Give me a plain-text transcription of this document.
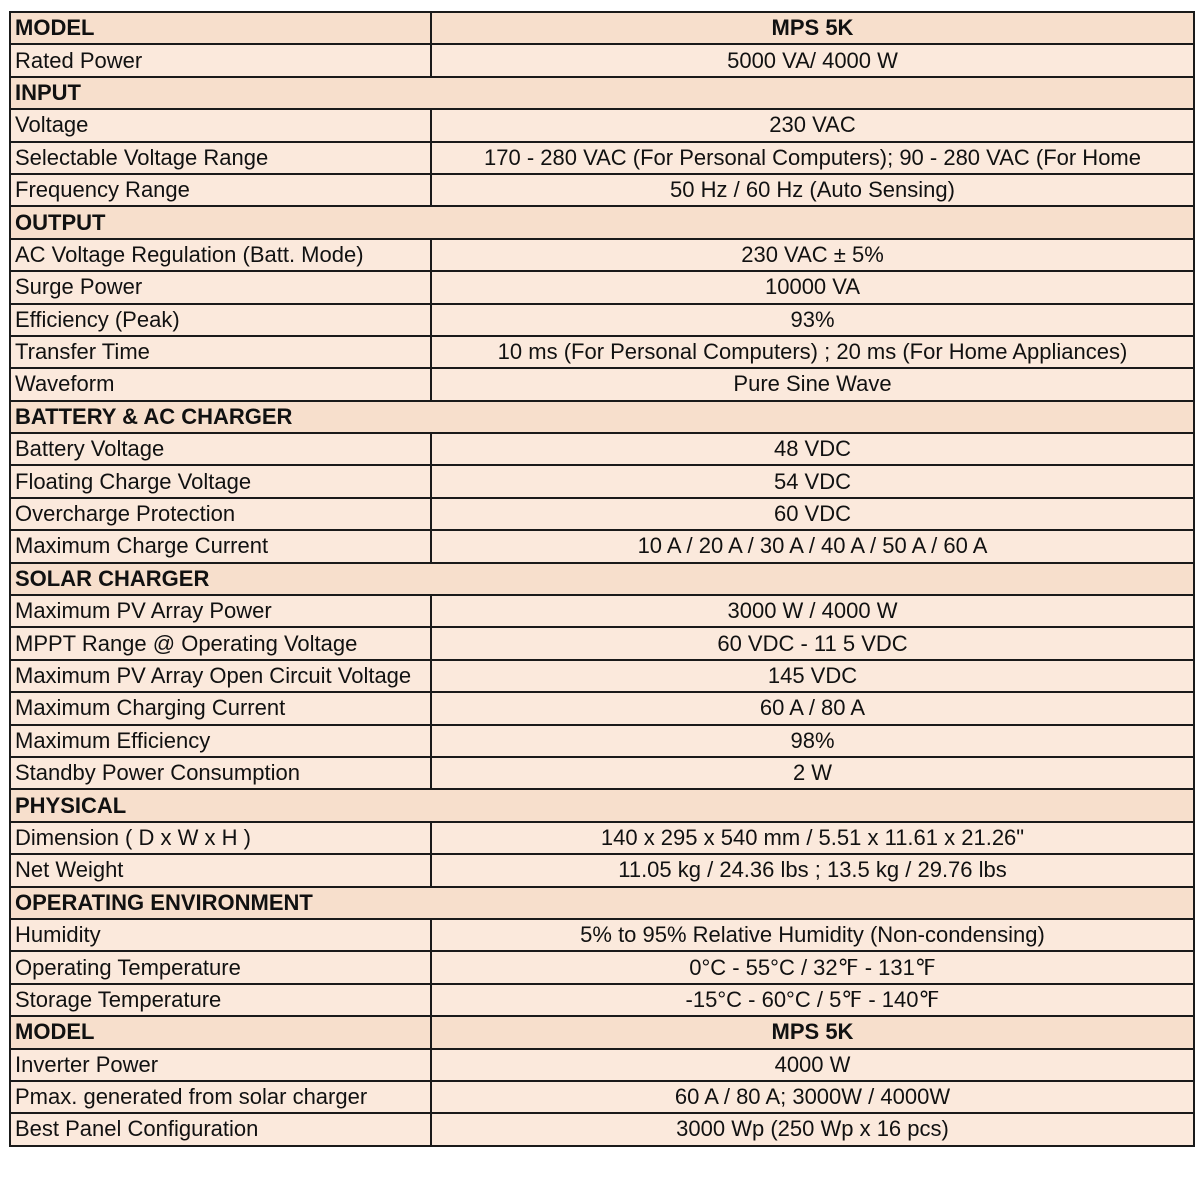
MODEL	MPS 5K
Rated Power	5000 VA/ 4000 W
INPUT	
Voltage	230 VAC
Selectable Voltage Range	170 - 280 VAC (For Personal Computers); 90 - 280 VAC (For Home
Frequency Range	50 Hz / 60 Hz (Auto Sensing)
OUTPUT	
AC Voltage Regulation (Batt. Mode)	230 VAC ± 5%
Surge Power	10000 VA
Efficiency (Peak)	93%
Transfer Time	10 ms (For Personal Computers) ; 20 ms (For Home Appliances)
Waveform	Pure Sine Wave
BATTERY & AC CHARGER	
Battery Voltage	48 VDC
Floating Charge Voltage	54 VDC
Overcharge Protection	60 VDC
Maximum Charge Current	10 A / 20 A / 30 A / 40 A / 50 A / 60 A
SOLAR CHARGER	
Maximum PV Array Power	3000 W / 4000 W
MPPT Range @ Operating Voltage	60 VDC - 11 5 VDC
Maximum PV Array Open Circuit Voltage	145 VDC
Maximum Charging Current	60 A / 80 A
Maximum Efficiency	98%
Standby Power Consumption	2 W
PHYSICAL	
Dimension ( D x W x H )	140 x 295 x 540 mm / 5.51 x 11.61 x 21.26"
Net Weight	11.05 kg / 24.36 lbs ; 13.5 kg / 29.76 lbs
OPERATING ENVIRONMENT	
Humidity	5% to 95% Relative Humidity (Non-condensing)
Operating Temperature	0°C - 55°C / 32℉ - 131℉
Storage Temperature	-15°C - 60°C / 5℉ - 140℉
MODEL	MPS 5K
Inverter Power	4000 W
Pmax. generated from solar charger	60 A / 80 A; 3000W / 4000W
Best Panel Configuration	3000 Wp (250 Wp x 16 pcs)
